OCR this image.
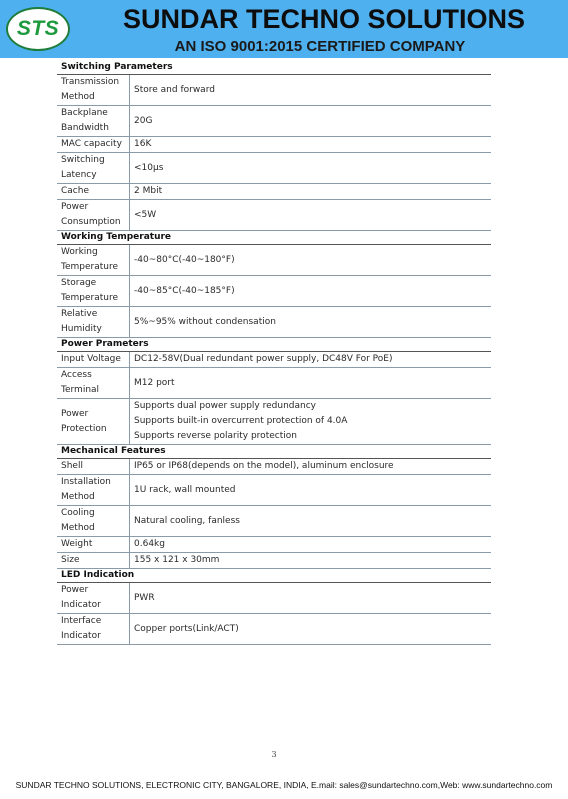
STS	SUNDAR TECHNO SOLUTIONS
AN ISO 9001:2015 CERTIFIED COMPANY
Switching Parameters	
Transmission Method	Store and forward
Backplane Bandwidth	20G
MAC capacity	16K
Switching Latency	<10μs
Cache	2 Mbit
Power Consumption	<5W
Working Temperature	
Working Temperature	-40~80°C(-40~180°F)
Storage Temperature	-40~85°C(-40~185°F)
Relative Humidity	5%~95% without condensation
Power Prameters	
Input Voltage	DC12-58V(Dual redundant power supply, DC48V For PoE)
Access Terminal	M12 port
Power Protection	Supports dual power supply redundancy
Supports built-in overcurrent protection of 4.0A
Supports reverse polarity protection

Mechanical Features	
Shell	IP65 or IP68(depends on the model), aluminum enclosure
Installation Method	1U rack, wall mounted
Cooling Method	Natural cooling, fanless
Weight	0.64kg
Size	155 x 121 x 30mm
LED Indication	
Power Indicator	PWR
Interface Indicator	Copper ports(Link/ACT)
3
SUNDAR TECHNO SOLUTIONS, ELECTRONIC CITY, BANGALORE, INDIA, E.mail: sales@sundartechno.com,Web: www.sundartechno.com
